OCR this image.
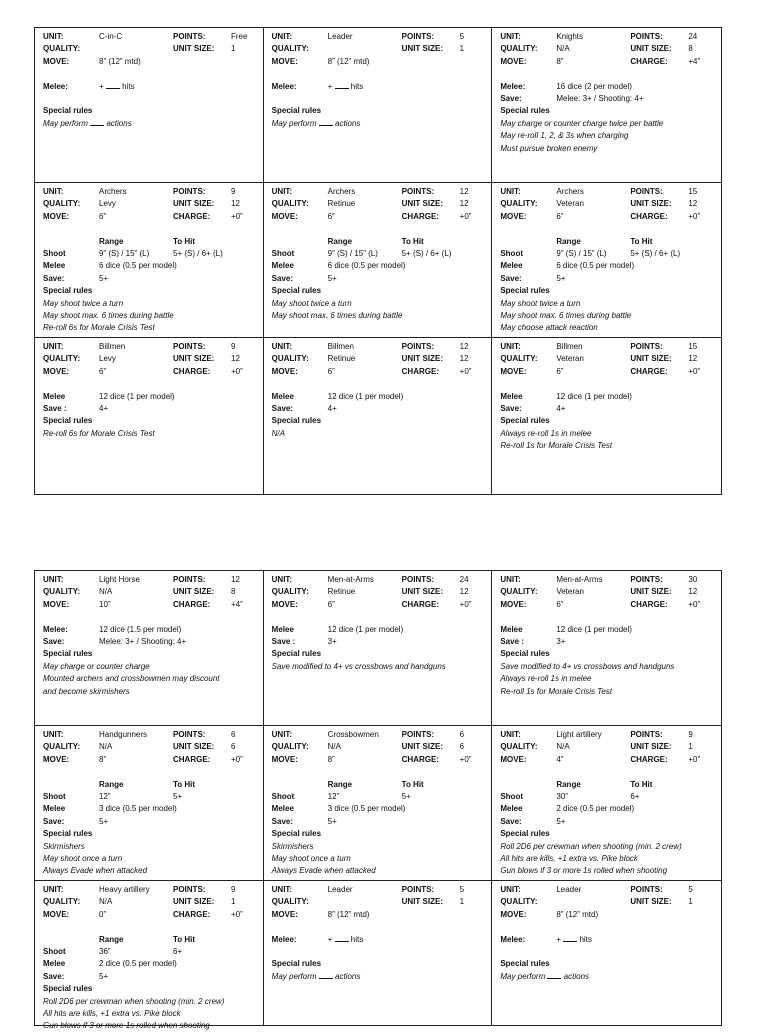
UNIT:	C-in-C	POINTS:	Free
QUALITY:	UNIT SIZE: 1
MOVE:	8” (12” mtd)
Melee:	+  hits
Special rules
May perform  actions
UNIT:	Leader	POINTS:	5
QUALITY:	UNIT SIZE: 1
MOVE:	8” (12” mtd)
Melee:	+  hits
Special rules
May perform  actions
UNIT:	Knights	POINTS:	24
QUALITY: N/A	UNIT SIZE: 8
MOVE:	8”	CHARGE:	+4”
Melee:	16 dice (2 per model)
Save:	Melee: 3+ / Shooting: 4+
Special rules
May charge or counter charge twice per battle
May re-roll 1, 2, & 3s when charging
Must pursue broken enemy
UNIT:	Archers	POINTS:	9
QUALITY: Levy	UNIT SIZE: 12
MOVE:	6”	CHARGE:	+0”
Range	To Hit
Shoot	9” (S) / 15” (L)	5+ (S) / 6+ (L)
Melee	6 dice (0.5 per model)
Save:	5+
Special rules
May shoot twice a turn
May shoot max. 6 times during battle
Re-roll 6s for Morale Crisis Test
UNIT:	Archers	POINTS:	12
QUALITY: Retinue	UNIT SIZE: 12
MOVE:	6”	CHARGE:	+0”
Range	To Hit
Shoot	9” (S) / 15” (L)	5+ (S) / 6+ (L)
Melee	6 dice (0.5 per model)
Save:	5+
Special rules
May shoot twice a turn
May shoot max. 6 times during battle
UNIT:	Archers	POINTS:	15
QUALITY: Veteran	UNIT SIZE: 12
MOVE:	6”	CHARGE:	+0”
Range	To Hit
Shoot	9” (S) / 15” (L)	5+ (S) / 6+ (L)
Melee	6 dice (0.5 per model)
Save:	5+
Special rules
May shoot twice a turn
May shoot max. 6 times during battle
May choose attack reaction
UNIT:	Billmen	POINTS:	9
QUALITY: Levy	UNIT SIZE: 12
MOVE:	6”	CHARGE:	+0”
Melee	12 dice (1 per model)
Save :	4+
Special rules
Re-roll 6s for Morale Crisis Test
UNIT:	Billmen	POINTS:	12
QUALITY: Retinue	UNIT SIZE: 12
MOVE:	6”	CHARGE:	+0”
Melee	12 dice (1 per model)
Save:	4+
Special rules
N/A
UNIT:	Billmen	POINTS:	15
QUALITY: Veteran	UNIT SIZE: 12
MOVE:	6”	CHARGE:	+0”
Melee	12 dice (1 per model)
Save:	4+
Special rules
Always re-roll 1s in melee
Re-roll 1s for Morale Crisis Test
UNIT:	Light Horse	POINTS:	12
QUALITY: N/A	UNIT SIZE: 8
MOVE:	10”	CHARGE:	+4”
Melee:	12 dice (1.5 per model)
Save:	Melee: 3+ / Shooting: 4+
Special rules
May charge or counter charge
Mounted archers and crossbowmen may discount
and become skirmishers
UNIT:	Men-at-Arms	POINTS:	24
QUALITY: Retinue	UNIT SIZE: 12
MOVE:	6”	CHARGE:	+0”
Melee	12 dice (1 per model)
Save :	3+
Special rules
Save modified to 4+ vs crossbows and handguns
UNIT:	Men-at-Arms	POINTS:	30
QUALITY: Veteran	UNIT SIZE: 12
MOVE:	6”	CHARGE:	+0”
Melee	12 dice (1 per model)
Save :	3+
Special rules
Save modified to 4+ vs crossbows and handguns
Always re-roll 1s in melee
Re-roll 1s for Morale Crisis Test
UNIT:	Handgunners	POINTS:	6
QUALITY: N/A	UNIT SIZE: 6
MOVE:	8”	CHARGE:	+0”
Range	To Hit
Shoot	12”	5+
Melee	3 dice (0.5 per model)
Save:	5+
Special rules
Skirmishers
May shoot once a turn
Always Evade when attacked
UNIT:	Crossbowmen	POINTS:	6
QUALITY: N/A	UNIT SIZE: 6
MOVE:	8”	CHARGE:	+0”
Range	To Hit
Shoot	12”	5+
Melee	3 dice (0.5 per model)
Save:	5+
Special rules
Skirmishers
May shoot once a turn
Always Evade when attacked
UNIT:	Light artillery	POINTS:	9
QUALITY: N/A	UNIT SIZE: 1
MOVE:	4”	CHARGE:	+0”
Range	To Hit
Shoot	30”	6+
Melee	2 dice (0.5 per model)
Save:	5+
Special rules
Roll 2D6 per crewman when shooting (min. 2 crew)
All hits are kills, +1 extra vs. Pike block
Gun blows if 3 or more 1s rolled when shooting
UNIT:	Heavy artillery	POINTS:	9
QUALITY: N/A	UNIT SIZE: 1
MOVE:	0”	CHARGE:	+0”
Range	To Hit
Shoot	36”	6+
Melee	2 dice (0.5 per model)
Save:	5+
Special rules
Roll 2D6 per crewman when shooting (min. 2 crew)
All hits are kills, +1 extra vs. Pike block
Gun blows if 3 or more 1s rolled when shooting
UNIT:	Leader	POINTS:	5
QUALITY:	UNIT SIZE: 1
MOVE:	8” (12” mtd)
Melee:	+  hits
Special rules
May perform  actions
UNIT:	Leader	POINTS:	5
QUALITY:	UNIT SIZE: 1
MOVE:	8” (12” mtd)
Melee:	+  hits
Special rules
May perform  actions
